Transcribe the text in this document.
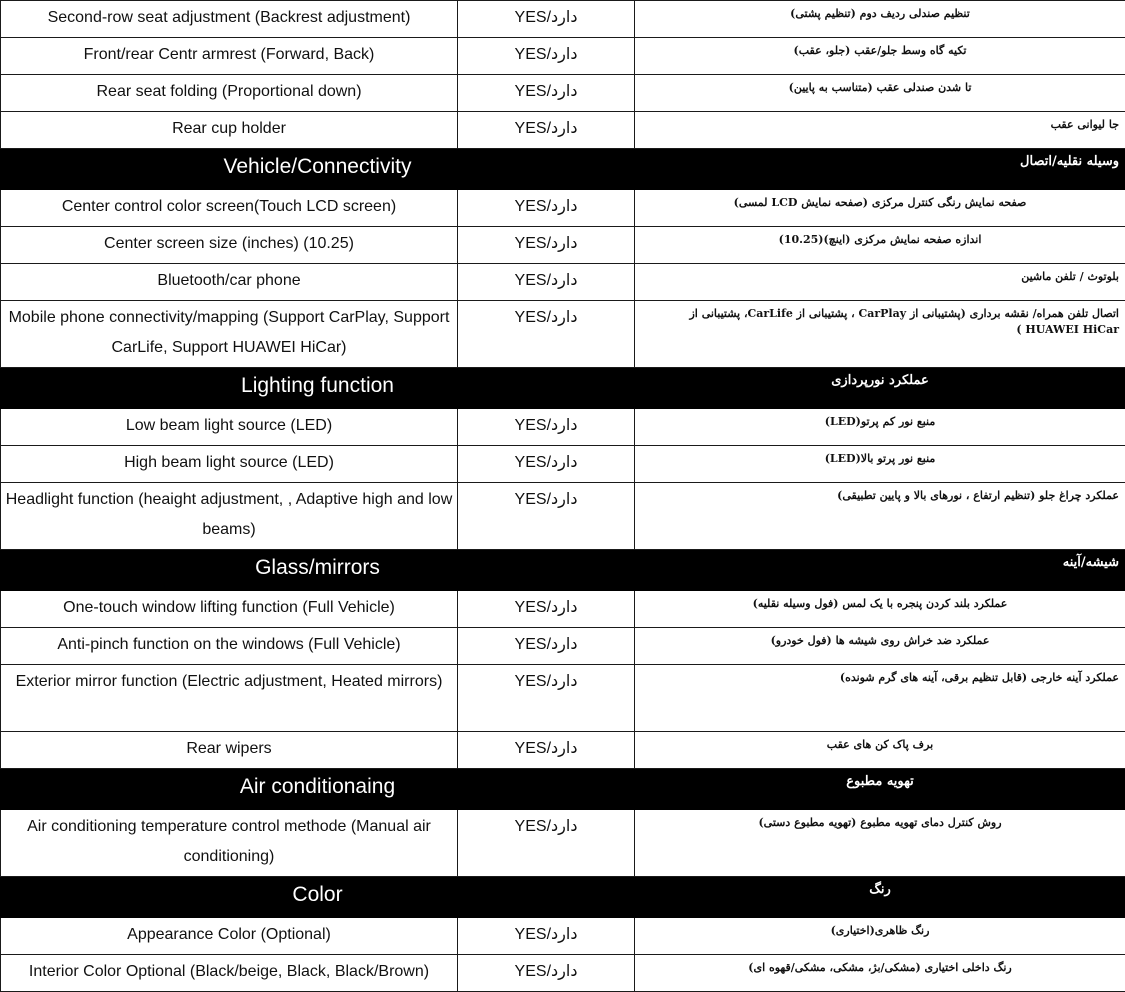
Second-row seat adjustment (Backrest adjustment)	YES/دارد	تنظیم صندلی ردیف دوم (تنظیم پشتی)
Front/rear Centr armrest (Forward, Back)	YES/دارد	تکیه گاه وسط جلو/عقب (جلو، عقب)
Rear seat folding (Proportional down)	YES/دارد	تا شدن صندلی عقب (متناسب به پایین)
Rear cup holder	YES/دارد	جا لیوانی عقب
Vehicle/Connectivity		وسیله نقلیه/اتصال
Center control color screen(Touch LCD screen)	YES/دارد	صفحه نمایش رنگی کنترل مرکزی (صفحه نمایش LCD لمسی)
Center screen size (inches) (10.25)	YES/دارد	اندازه صفحه نمایش مرکزی (اینچ)(10.25)
Bluetooth/car phone	YES/دارد	بلوتوث / تلفن ماشین
Mobile phone connectivity/mapping (Support CarPlay, Support CarLife, Support HUAWEI HiCar)	YES/دارد	اتصال تلفن همراه/ نقشه برداری (پشتیبانی از CarPlay ، پشتیبانی از CarLife، پشتیبانی از HUAWEI HiCar )
Lighting function		عملکرد نورپردازی
Low beam light source (LED)	YES/دارد	منبع نور کم پرتو(LED)
High beam light source (LED)	YES/دارد	منبع نور پرتو بالا(LED)
Headlight function (heaight adjustment, , Adaptive high and low beams)	YES/دارد	عملکرد چراغ جلو (تنظیم ارتفاع ، نورهای بالا و پایین تطبیقی)
Glass/mirrors		شیشه/آینه
One-touch window lifting function (Full Vehicle)	YES/دارد	عملکرد بلند کردن پنجره با یک لمس (فول وسیله نقلیه)
Anti-pinch function on the windows (Full Vehicle)	YES/دارد	عملکرد ضد خراش روی شیشه ها (فول خودرو)
Exterior mirror function (Electric adjustment, Heated mirrors)	YES/دارد	عملکرد آینه خارجی (قابل تنظیم برقی، آینه های گرم شونده)
Rear wipers	YES/دارد	برف پاک کن های عقب
Air conditionaing		تهویه مطبوع
Air conditioning temperature control methode (Manual air conditioning)	YES/دارد	روش کنترل دمای تهویه مطبوع (تهویه مطبوع دستی)
Color		رنگ
Appearance Color (Optional)	YES/دارد	رنگ ظاهری(اختیاری)
Interior Color Optional (Black/beige, Black, Black/Brown)	YES/دارد	رنگ داخلی اختیاری (مشکی/بژ، مشکی، مشکی/قهوه ای)
